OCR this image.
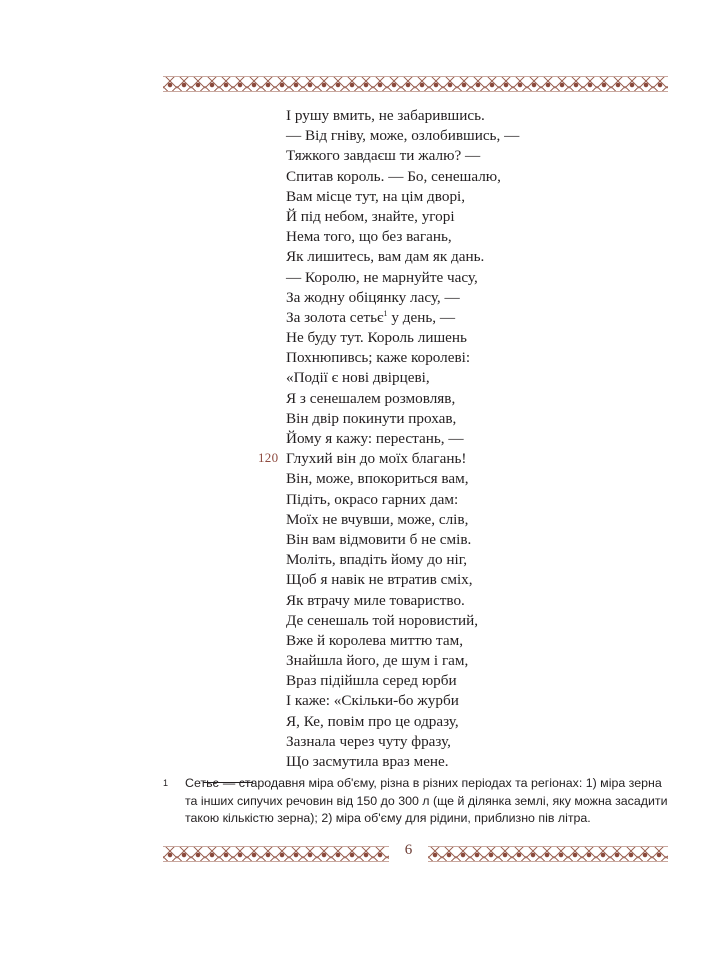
І рушу вмить, не забарившись.
— Від гніву, може, озлобившись, —
Тяжкого завдаєш ти жалю? —
Спитав король. — Бо, сенешалю,
Вам місце тут, на цім дворі,
Й під небом, знайте, угорі
Нема того, що без вагань,
Як лишитесь, вам дам як дань.
— Королю, не марнуйте часу,
За жодну обіцянку ласу, —
За золота сетьє$^1$ у день, —
Не буду тут. Король лишень
Похнюпивсь; каже королеві:
«Події є нові двірцеві,
Я з сенешалем розмовляв,
Він двір покинути прохав,
Йому я кажу: перестань, —
Глухий він до моїх благань!
Він, може, впокориться вам,
Підіть, окрасо гарних дам:
Моїх не вчувши, може, слів,
Він вам відмовити б не смів.
Моліть, впадіть йому до ніг,
Щоб я навік не втратив сміх,
Як втрачу миле товариство.
Де сенешаль той норовистий,
Вже й королева миттю там,
Знайшла його, де шум і гам,
Враз підійшла серед юрби
І каже: «Скільки-бо журби
Я, Ке, повім про це одразу,
Зазнала через чуту фразу,
Що засмутила враз мене.
120
1 Сетьє — стародавня міра об'єму, різна в різних періодах та регіонах: 1) міра зерна та інших сипучих речовин від 150 до 300 л (ще й ділянка землі, яку можна засадити такою кількістю зерна); 2) міра об'єму для рідини, приблизно пів літра.
6
